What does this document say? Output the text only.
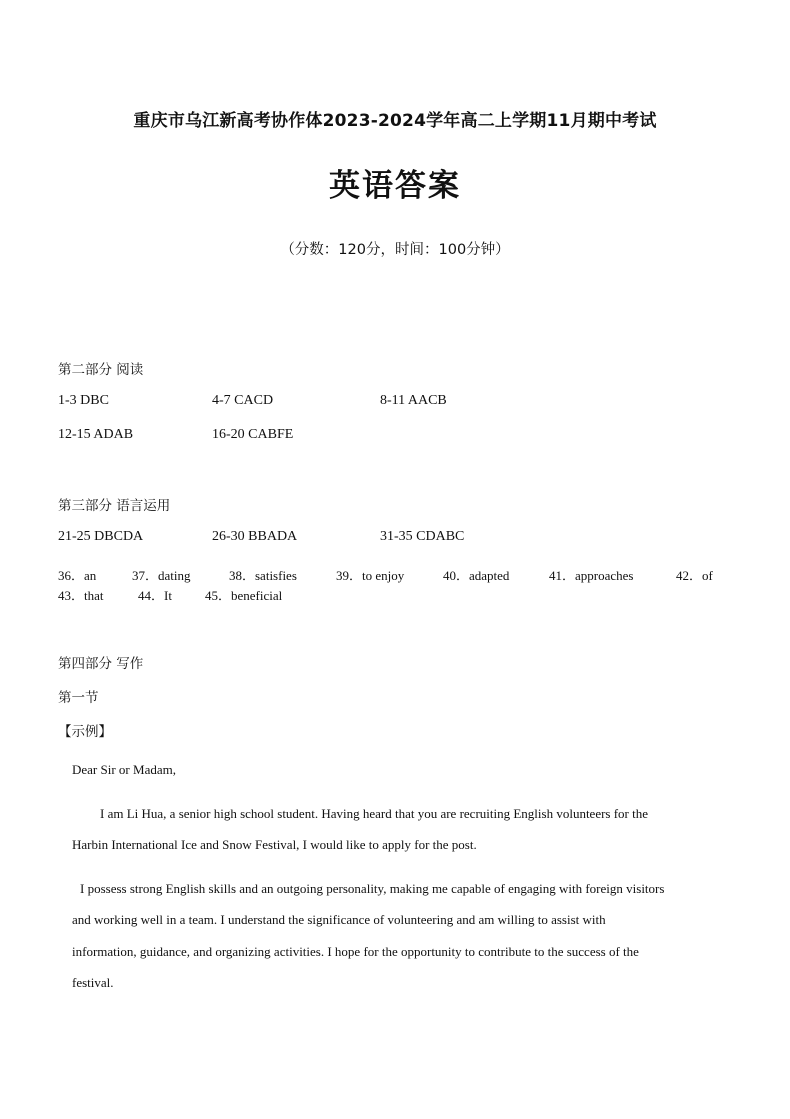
重庆市乌江新高考协作体2023-2024学年高二上学期11月期中考试
英语答案
（分数：120分，时间：100分钟）
第二部分 阅读
1-3 DBC	4-7 CACD	8-11 AACB
12-15 ADAB	16-20 CABFE
第三部分 语言运用
21-25 DBCDA	26-30 BBADA	31-35 CDABC
36．an	37．dating	38．satisfies	39．to enjoy	40．adapted	41．approaches	42．of
43．that	44．It	45．beneficial
第四部分 写作
第一节
【示例】
Dear Sir or Madam,
I am Li Hua, a senior high school student. Having heard that you are recruiting English volunteers for the
Harbin International Ice and Snow Festival, I would like to apply for the post.
I possess strong English skills and an outgoing personality, making me capable of engaging with foreign visitors
and working well in a team. I understand the significance of volunteering and am willing to assist with
information, guidance, and organizing activities. I hope for the opportunity to contribute to the success of the
festival.
